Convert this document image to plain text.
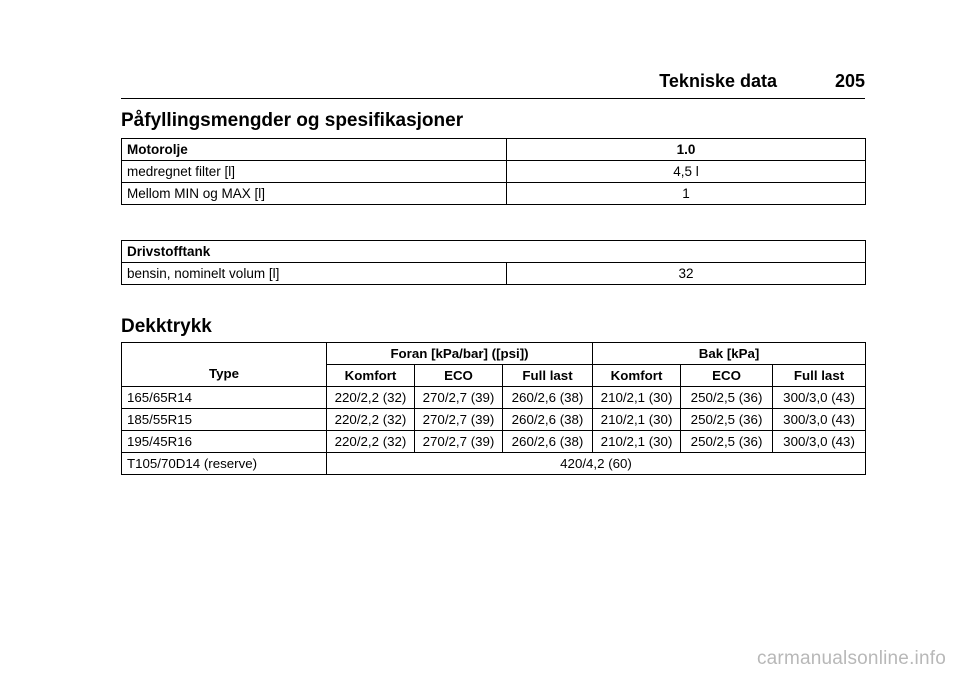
Tekniske data	205
Påfyllingsmengder og spesifikasjoner
Motorolje	1.0
medregnet filter [l]	4,5 l
Mellom MIN og MAX [l]	1
Drivstofftank
bensin, nominelt volum [l]	32
Dekktrykk
Type	Foran [kPa/bar] ([psi])			Bak [kPa]		
	Komfort	ECO	Full last	Komfort	ECO	Full last
165/65R14	220/2,2 (32)	270/2,7 (39)	260/2,6 (38)	210/2,1 (30)	250/2,5 (36)	300/3,0 (43)
185/55R15	220/2,2 (32)	270/2,7 (39)	260/2,6 (38)	210/2,1 (30)	250/2,5 (36)	300/3,0 (43)
195/45R16	220/2,2 (32)	270/2,7 (39)	260/2,6 (38)	210/2,1 (30)	250/2,5 (36)	300/3,0 (43)
T105/70D14 (reserve)	420/4,2 (60)					
carmanualsonline.info
